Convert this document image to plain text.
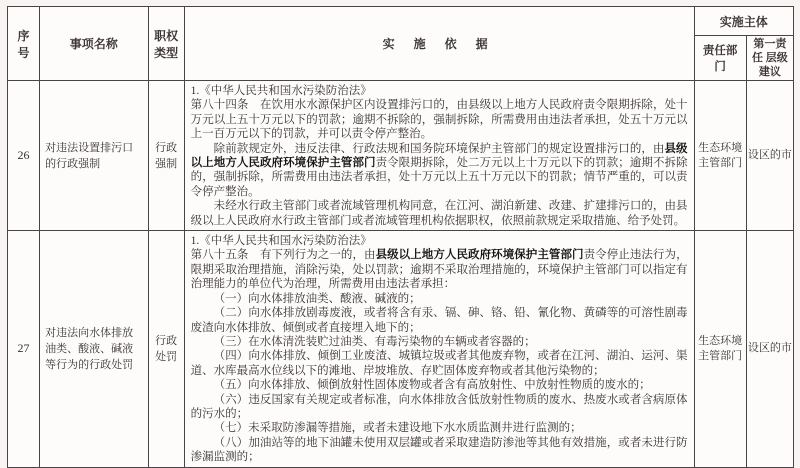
序号	事项名称	职权 类型	实 施 依 据	实施主体	
				责任部门	第一责任 层级建议
26	对违法设置排污口的行政强制	行政强制	1.《中华人民共和国水污染防治法》

第八十四条　在饮用水水源保护区内设置排污口的，由县级以上地方人民政府责令限期拆除，处十万元以上五十万元以下的罚款；逾期不拆除的，强制拆除，所需费用由违法者承担，处五十万元以上一百万元以下的罚款，并可以责令停产整治。

除前款规定外，违反法律、行政法规和国务院环境保护主管部门的规定设置排污口的，由县级以上地方人民政府环境保护主管部门责令限期拆除，处二万元以上十万元以下的罚款；逾期不拆除的，强制拆除，所需费用由违法者承担，处十万元以上五十万元以下的罚款；情节严重的，可以责令停产整治。

未经水行政主管部门或者流域管理机构同意，在江河、湖泊新建、改建、扩建排污口的，由县级以上人民政府水行政主管部门或者流域管理机构依据职权，依照前款规定采取措施、给予处罚。	生态环境主管部门	设区的市
27	对违法向水体排放油类、酸液、碱液等行为的行政处罚	行政处罚	

1.《中华人民共和国水污染防治法》

第八十五条　有下列行为之一的，由县级以上地方人民政府环境保护主管部门责令停止违法行为，限期采取治理措施，消除污染，处以罚款；逾期不采取治理措施的，环境保护主管部门可以指定有治理能力的单位代为治理，所需费用由违法者承担：

（一）向水体排放油类、酸液、碱液的；

（二）向水体排放剧毒废液，或者将含有汞、镉、砷、铬、铅、氰化物、黄磷等的可溶性剧毒废渣向水体排放、倾倒或者直接埋入地下的；

（三）在水体清洗装贮过油类、有毒污染物的车辆或者容器的；

（四）向水体排放、倾倒工业废渣、城镇垃圾或者其他废弃物，或者在江河、湖泊、运河、渠道、水库最高水位线以下的滩地、岸坡堆放、存贮固体废弃物或者其他污染物的；

（五）向水体排放、倾倒放射性固体废物或者含有高放射性、中放射性物质的废水的；

（六）违反国家有关规定或者标准，向水体排放含低放射性物质的废水、热废水或者含病原体的污水的；

（七）未采取防渗漏等措施，或者未建设地下水水质监测井进行监测的；

（八）加油站等的地下油罐未使用双层罐或者采取建造防渗池等其他有效措施，或者未进行防渗漏监测的；

	生态环境主管部门	设区的市
